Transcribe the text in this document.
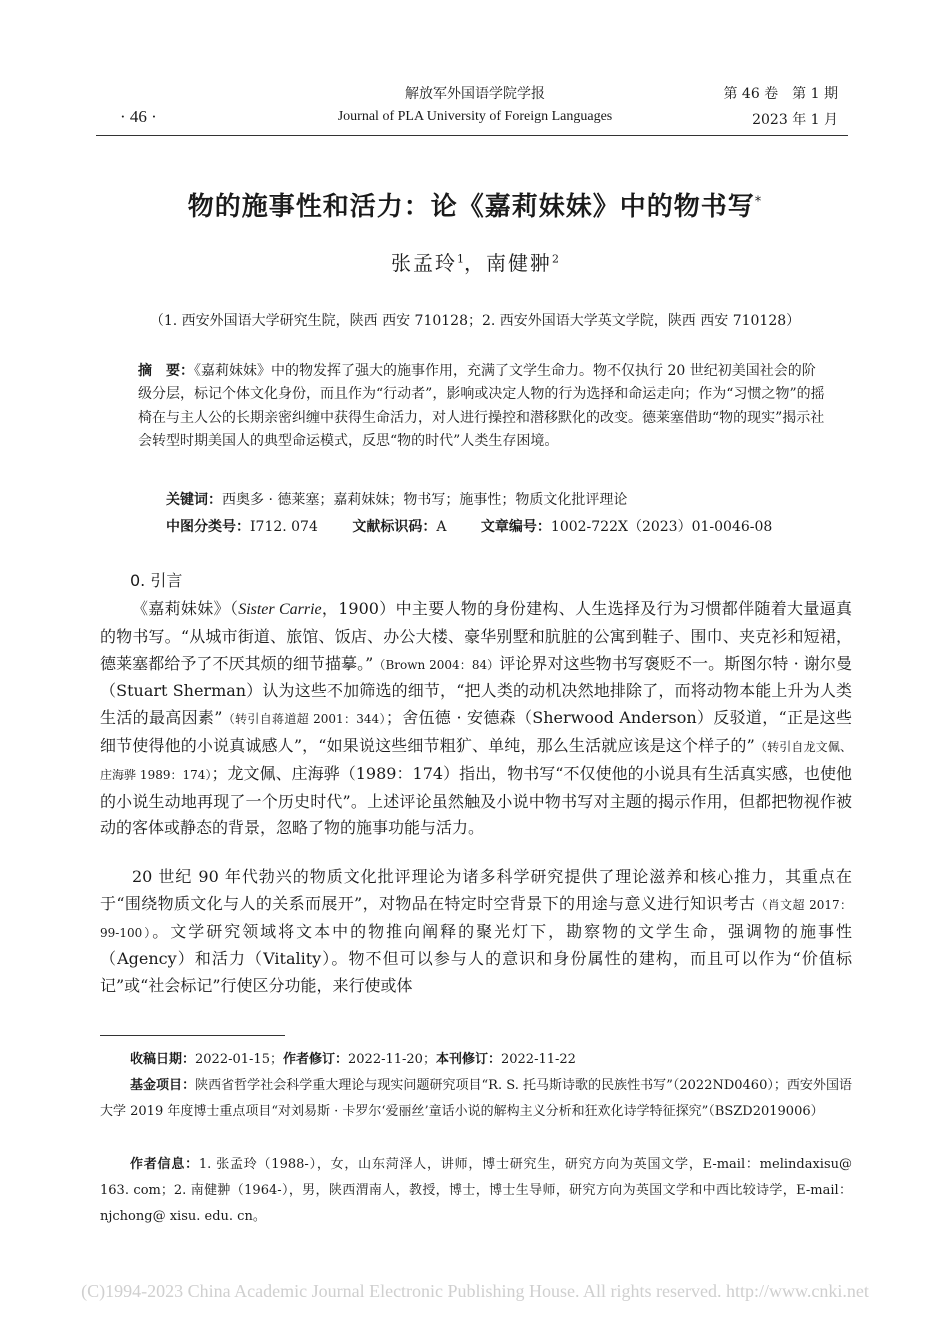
· 46 ·
解放军外国语学院学报
Journal of PLA University of Foreign Languages
第 46 卷　第 1 期
2023 年 1 月
物的施事性和活力：论《嘉莉妹妹》中的物书写*
张孟玲$^1$，南健翀$^2$
（1. 西安外国语大学研究生院，陕西 西安 710128；2. 西安外国语大学英文学院，陕西 西安 710128）
摘　要：《嘉莉妹妹》中的物发挥了强大的施事作用，充满了文学生命力。物不仅执行 20 世纪初美国社会的阶级分层，标记个体文化身份，而且作为“行动者”，影响或决定人物的行为选择和命运走向；作为“习惯之物”的摇椅在与主人公的长期亲密纠缠中获得生命活力，对人进行操控和潜移默化的改变。德莱塞借助“物的现实”揭示社会转型时期美国人的典型命运模式，反思“物的时代”人类生存困境。
关键词：西奥多 · 德莱塞；嘉莉妹妹；物书写；施事性；物质文化批评理论
中图分类号：I712. 074 文献标识码：A 文章编号：1002-722X（2023）01-0046-08
0. 引言
《嘉莉妹妹》（Sister Carrie，1900）中主要人物的身份建构、人生选择及行为习惯都伴随着大量逼真的物书写。“从城市街道、旅馆、饭店、办公大楼、豪华别墅和肮脏的公寓到鞋子、围巾、夹克衫和短裙，德莱塞都给予了不厌其烦的细节描摹。”（Brown 2004：84）评论界对这些物书写褒贬不一。斯图尔特 · 谢尔曼（Stuart Sherman）认为这些不加筛选的细节，“把人类的动机决然地排除了，而将动物本能上升为人类生活的最高因素”（转引自蒋道超 2001：344）；舍伍德 · 安德森（Sherwood Anderson）反驳道，“正是这些细节使得他的小说真诚感人”，“如果说这些细节粗犷、单纯，那么生活就应该是这个样子的”（转引自龙文佩、庄海骅 1989：174）；龙文佩、庄海骅（1989：174）指出，物书写“不仅使他的小说具有生活真实感，也使他的小说生动地再现了一个历史时代”。上述评论虽然触及小说中物书写对主题的揭示作用，但都把物视作被动的客体或静态的背景，忽略了物的施事功能与活力。
20 世纪 90 年代勃兴的物质文化批评理论为诸多科学研究提供了理论滋养和核心推力，其重点在于“围绕物质文化与人的关系而展开”，对物品在特定时空背景下的用途与意义进行知识考古（肖文超 2017：99-100）。文学研究领域将文本中的物推向阐释的聚光灯下，勘察物的文学生命，强调物的施事性（Agency）和活力（Vitality）。物不但可以参与人的意识和身份属性的建构，而且可以作为“价值标记”或“社会标记”行使区分功能，来行使或体
收稿日期：2022-01-15；作者修订：2022-11-20；本刊修订：2022-11-22
基金项目：陕西省哲学社会科学重大理论与现实问题研究项目“R. S. 托马斯诗歌的民族性书写”（2022ND0460）；西安外国语大学 2019 年度博士重点项目“对刘易斯 · 卡罗尔‘爱丽丝’童话小说的解构主义分析和狂欢化诗学特征探究”（BSZD2019006）
作者信息：1. 张孟玲（1988-），女，山东菏泽人，讲师，博士研究生，研究方向为英国文学，E-mail：melindaxisu@ 163. com；2. 南健翀（1964-），男，陕西渭南人，教授，博士，博士生导师，研究方向为英国文学和中西比较诗学，E-mail：njchong@ xisu. edu. cn。
(C)1994-2023 China Academic Journal Electronic Publishing House. All rights reserved. http://www.cnki.net
